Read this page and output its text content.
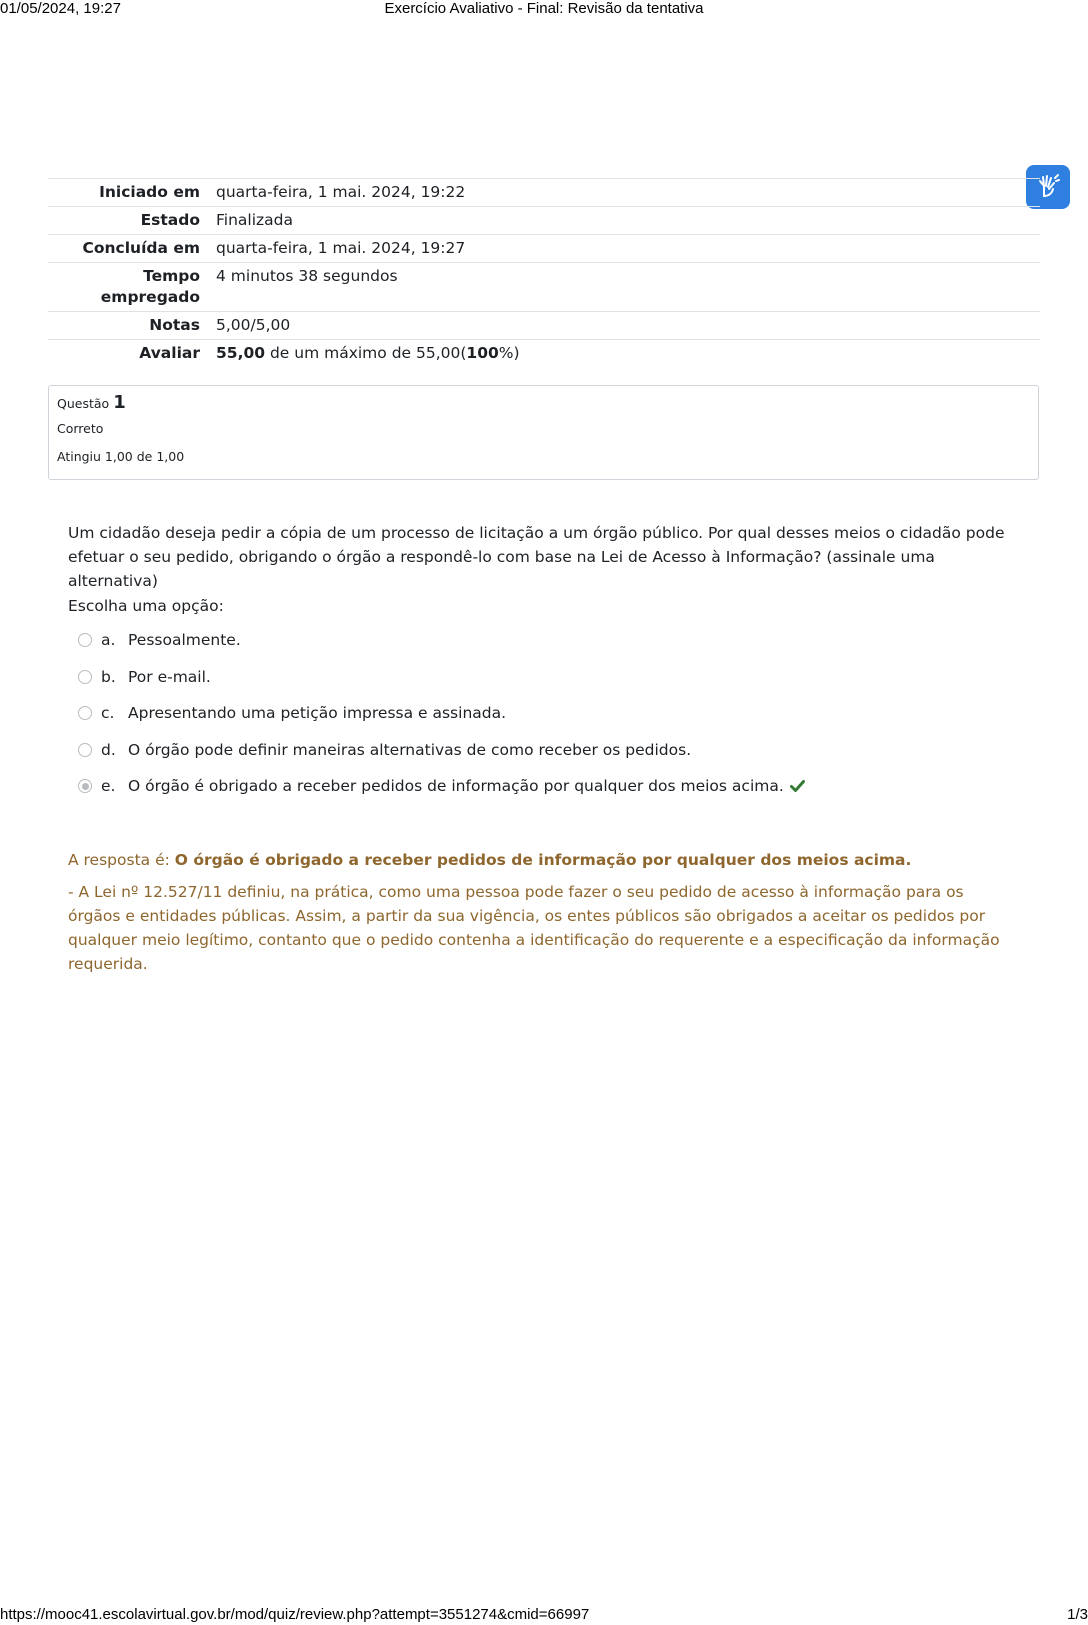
01/05/2024, 19:27	Exercício Avaliativo - Final: Revisão da tentativa
Iniciado em	quarta-feira, 1 mai. 2024, 19:22
Estado	Finalizada
Concluída em	quarta-feira, 1 mai. 2024, 19:27
Tempo
empregado	4 minutos 38 segundos
Notas	5,00/5,00
Avaliar	55,00 de um máximo de 55,00(100%)
Questão 1
Correto
Atingiu 1,00 de 1,00
Um cidadão deseja pedir a cópia de um processo de licitação a um órgão público. Por qual desses meios o cidadão pode efetuar o seu pedido, obrigando o órgão a respondê-lo com base na Lei de Acesso à Informação? (assinale uma alternativa)
Escolha uma opção:
a. Pessoalmente.
b. Por e-mail.
c. Apresentando uma petição impressa e assinada.
d. O órgão pode definir maneiras alternativas de como receber os pedidos.
e. O órgão é obrigado a receber pedidos de informação por qualquer dos meios acima.
A resposta é: O órgão é obrigado a receber pedidos de informação por qualquer dos meios acima.
- A Lei nº 12.527/11 definiu, na prática, como uma pessoa pode fazer o seu pedido de acesso à informação para os órgãos e entidades públicas. Assim, a partir da sua vigência, os entes públicos são obrigados a aceitar os pedidos por qualquer meio legítimo, contanto que o pedido contenha a identificação do requerente e a especificação da informação requerida.
https://mooc41.escolavirtual.gov.br/mod/quiz/review.php?attempt=3551274&cmid=66997	1/3
